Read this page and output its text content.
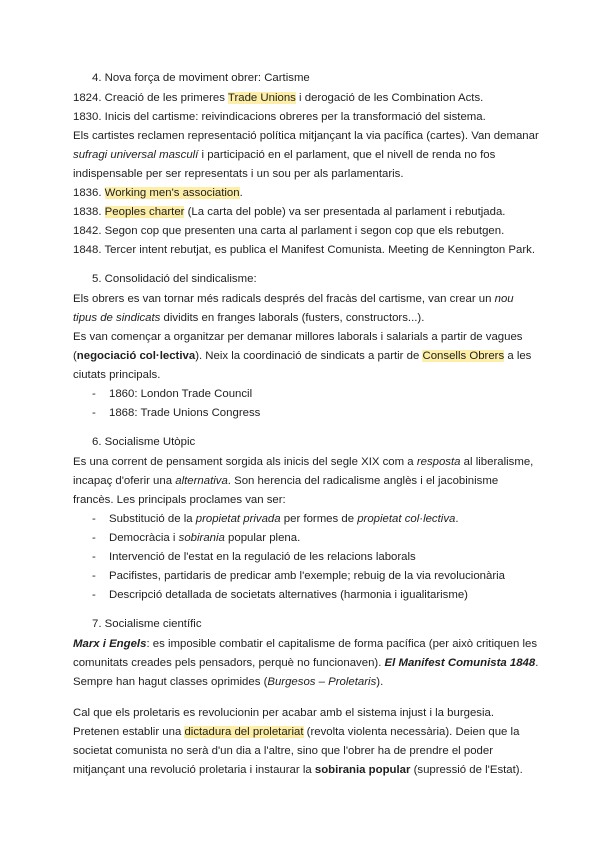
4. Nova força de moviment obrer: Cartisme
1824. Creació de les primeres Trade Unions i derogació de les Combination Acts.
1830. Inicis del cartisme: reivindicacions obreres per la transformació del sistema.
Els cartistes reclamen representació política mitjançant la via pacífica (cartes). Van demanar
sufragi universal masculí i participació en el parlament, que el nivell de renda no fos
indispensable per ser representats i un sou per als parlamentaris.
1836. Working men's association.
1838. Peoples charter (La carta del poble) va ser presentada al parlament i rebutjada.
1842. Segon cop que presenten una carta al parlament i segon cop que els rebutgen.
1848. Tercer intent rebutjat, es publica el Manifest Comunista. Meeting de Kennington Park.
5. Consolidació del sindicalisme:
Els obrers es van tornar més radicals després del fracàs del cartisme, van crear un nou
tipus de sindicats dividits en franges laborals (fusters, constructors...).
Es van començar a organitzar per demanar millores laborals i salarials a partir de vagues
(negociació col·lectiva). Neix la coordinació de sindicats a partir de Consells Obrers a les
ciutats principals.
- 1860: London Trade Council
- 1868: Trade Unions Congress
6. Socialisme Utòpic
Es una corrent de pensament sorgida als inicis del segle XIX com a resposta al liberalisme,
incapaç d'oferir una alternativa. Son herencia del radicalisme anglès i el jacobinisme
francès. Les principals proclames van ser:
- Substitució de la propietat privada per formes de propietat col·lectiva.
- Democràcia i sobirania popular plena.
- Intervenció de l'estat en la regulació de les relacions laborals
- Pacifistes, partidaris de predicar amb l'exemple; rebuig de la via revolucionària
- Descripció detallada de societats alternatives (harmonia i igualitarisme)
7. Socialisme científic
Marx i Engels: es imposible combatir el capitalisme de forma pacífica (per això critiquen les
comunitats creades pels pensadors, perquè no funcionaven). El Manifest Comunista 1848.
Sempre han hagut classes oprimides (Burgesos – Proletaris).
Cal que els proletaris es revolucionin per acabar amb el sistema injust i la burgesia.
Pretenen establir una dictadura del proletariat (revolta violenta necessària). Deien que la
societat comunista no serà d'un dia a l'altre, sino que l'obrer ha de prendre el poder
mitjançant una revolució proletaria i instaurar la sobirania popular (supressió de l'Estat).
